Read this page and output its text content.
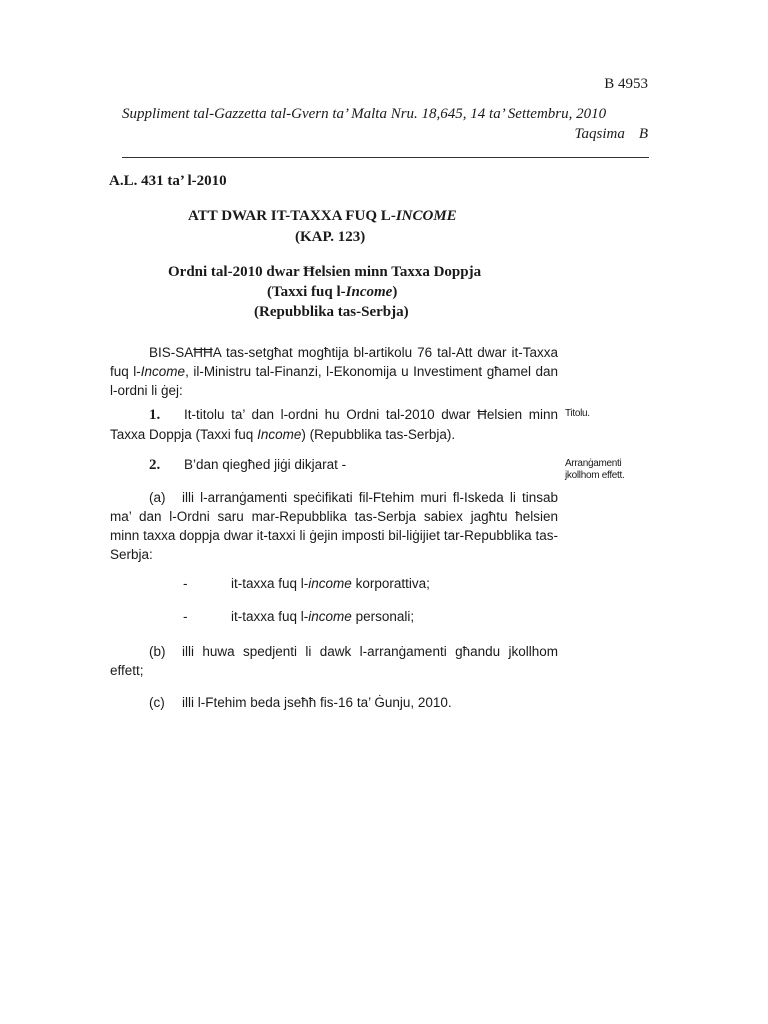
B 4953
Suppliment tal-Gazzetta tal-Gvern ta’ Malta Nru. 18,645, 14 ta’ Settembru, 2010
Taqsima B
A.L. 431 ta’ l-2010
ATT DWAR IT-TAXXA FUQ L-INCOME
(KAP. 123)
Ordni tal-2010 dwar Ħelsien minn Taxxa Doppja
(Taxxi fuq l-Income)
(Repubblika tas-Serbja)
BIS-SAĦĦA tas-setgħat mogħtija bl-artikolu 76 tal-Att dwar it-Taxxa fuq l-Income, il-Ministru tal-Finanzi, l-Ekonomija u Investiment għamel dan l-ordni li ġej:
1. It-titolu ta’ dan l-ordni hu Ordni tal-2010 dwar Ħelsien minn Taxxa Doppja (Taxxi fuq Income) (Repubblika tas-Serbja).
2. B’dan qiegħed jiġi dikjarat -
(a) illi l-arranġamenti speċifikati fil-Ftehim muri fl-Iskeda li tinsab ma’ dan l-Ordni saru mar-Repubblika tas-Serbja sabiex jagħtu ħelsien minn taxxa doppja dwar it-taxxi li ġejin imposti bil-liġijiet tar-Repubblika tas-Serbja:
-	it-taxxa fuq l-income korporattiva;
-	it-taxxa fuq l-income personali;
(b) illi huwa spedjenti li dawk l-arranġamenti għandu jkollhom effett;
(c) illi l-Ftehim beda jseħħ fis-16 ta’ Ġunju, 2010.
Titolu.
Arranġamenti
jkollhom effett.
